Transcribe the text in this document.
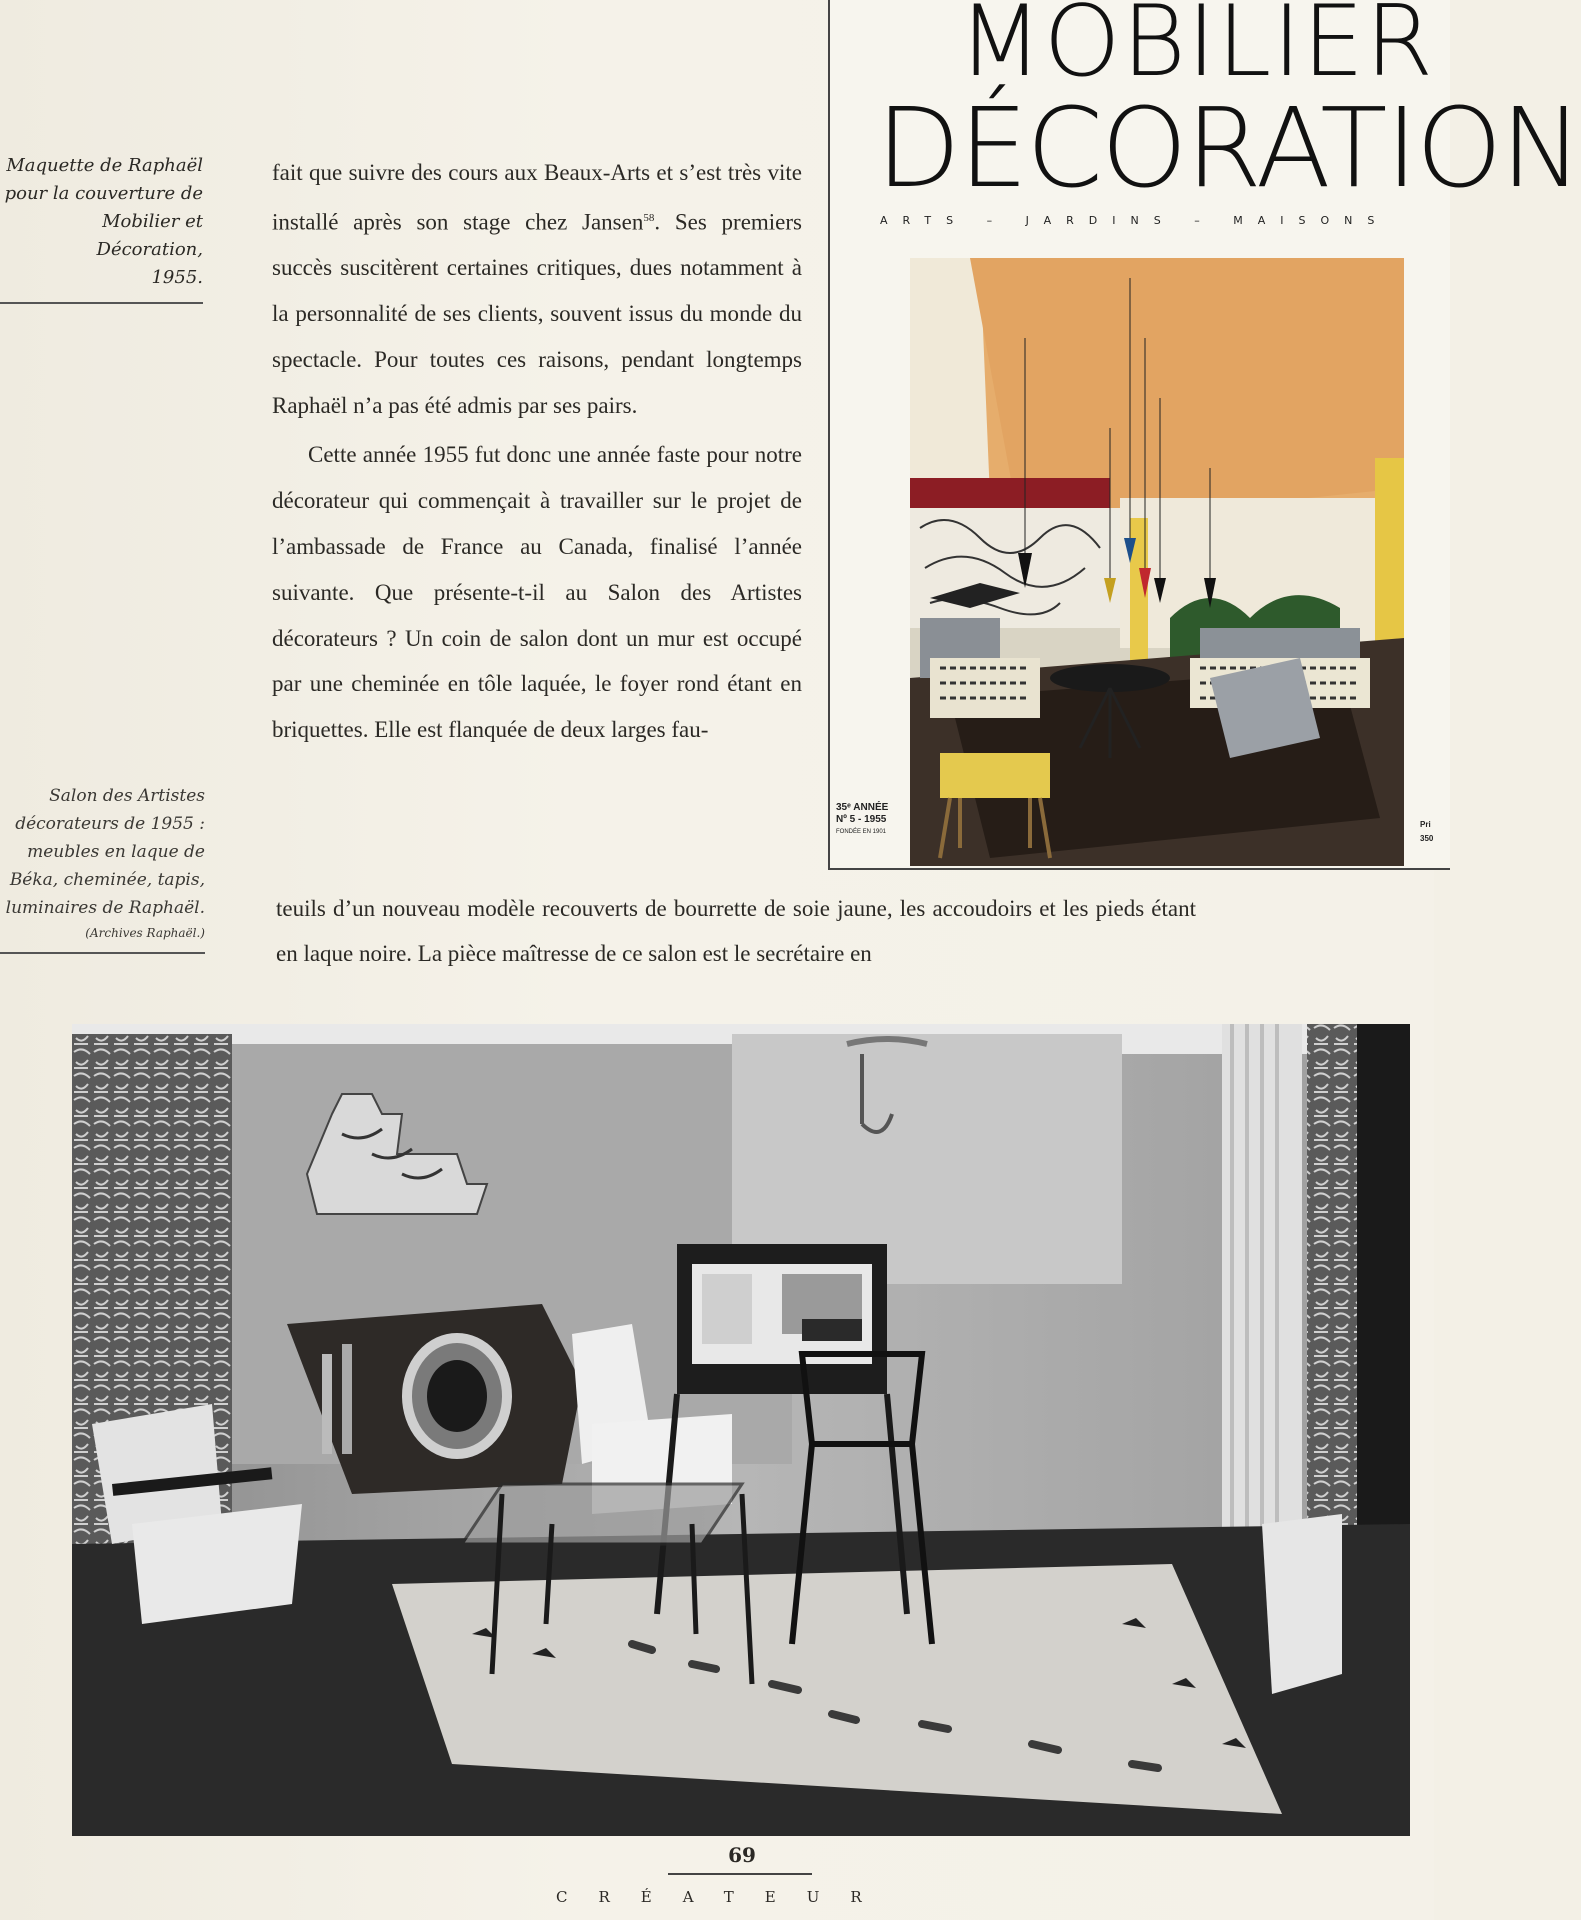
Maquette de Raphaël
pour la couverture de
Mobilier et Décoration,
1955.
Salon des Artistes
décorateurs de 1955 :
meubles en laque de
Béka, cheminée, tapis,
luminaires de Raphaël.
(Archives Raphaël.)

fait que suivre des cours aux Beaux-Arts et s’est très vite installé après son stage chez Jansen$^{58}$. Ses premiers succès suscitèrent certaines critiques, dues notamment à la personnalité de ses clients, souvent issus du monde du spectacle. Pour toutes ces raisons, pendant longtemps Raphaël n’a pas été admis par ses pairs.

Cette année 1955 fut donc une année faste pour notre décorateur qui commençait à travailler sur le projet de l’ambassade de France au Canada, finalisé l’année suivante. Que présente-t-il au Salon des Artistes décorateurs ? Un coin de salon dont un mur est occupé par une cheminée en tôle laquée, le foyer rond étant en briquettes. Elle est flanquée de deux larges fau-

teuils d’un nouveau modèle recouverts de bourrette de soie jaune, les accoudoirs et les pieds étant en laque noire. La pièce maîtresse de ce salon est le secrétaire en

MOBILIER
DÉCORATION
ARTS – JARDINS – MAISONS
35ᵉ ANNÉE
Nº 5 - 1955
FONDÉE EN 1901
Pri
350
69
CRÉATEUR
